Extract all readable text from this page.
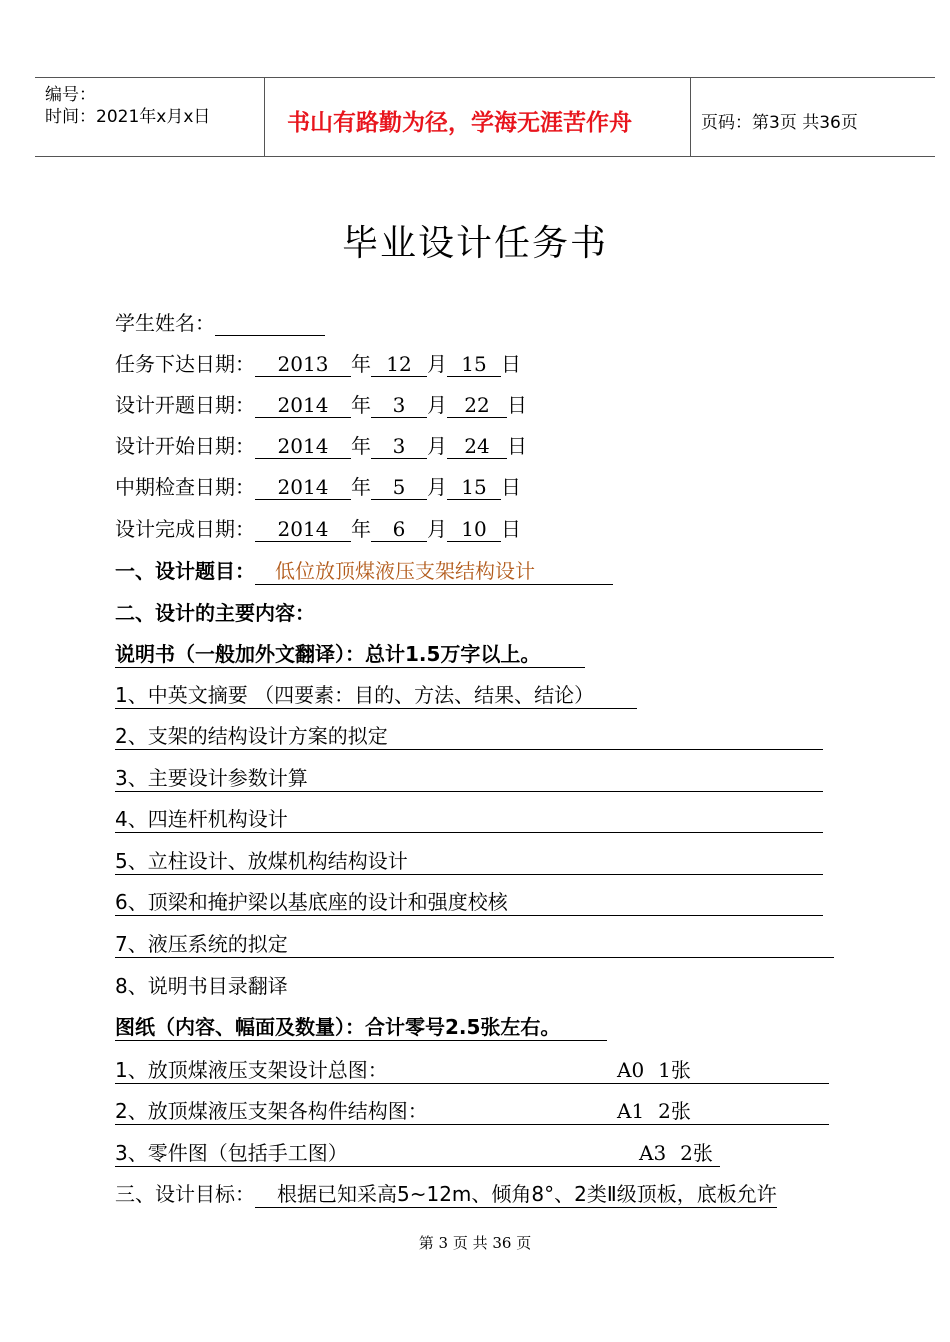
编号：
时间：2021年x月x日	书山有路勤为径，学海无涯苦作舟	页码：第3页 共36页
毕业设计任务书
学生姓名：
任务下达日期： 2013 年 12 月 15 日
设计开题日期： 2014 年 3 月 22 日
设计开始日期： 2014 年 3 月 24 日
中期检查日期： 2014 年 5 月 15 日
设计完成日期： 2014 年 6 月 10 日
一、设计题目： 低位放顶煤液压支架结构设计
二、设计的主要内容：
说明书（一般加外文翻译）：总计1.5万字以上。
1、中英文摘要 （四要素：目的、方法、结果、结论）
2、支架的结构设计方案的拟定
3、主要设计参数计算
4、四连杆机构设计
5、立柱设计、放煤机构结构设计
6、顶梁和掩护梁以基底座的设计和强度校核
7、液压系统的拟定
8、说明书目录翻译
图纸（内容、幅面及数量）：合计零号2.5张左右。
1、放顶煤液压支架设计总图：	A0 1张
2、放顶煤液压支架各构件结构图：	A1 2张
3、零件图（包括手工图）	A3 2张
三、设计目标： 根据已知采高5~12m、倾角8°、2类Ⅱ级顶板，底板允许
第 3 页 共 36 页
